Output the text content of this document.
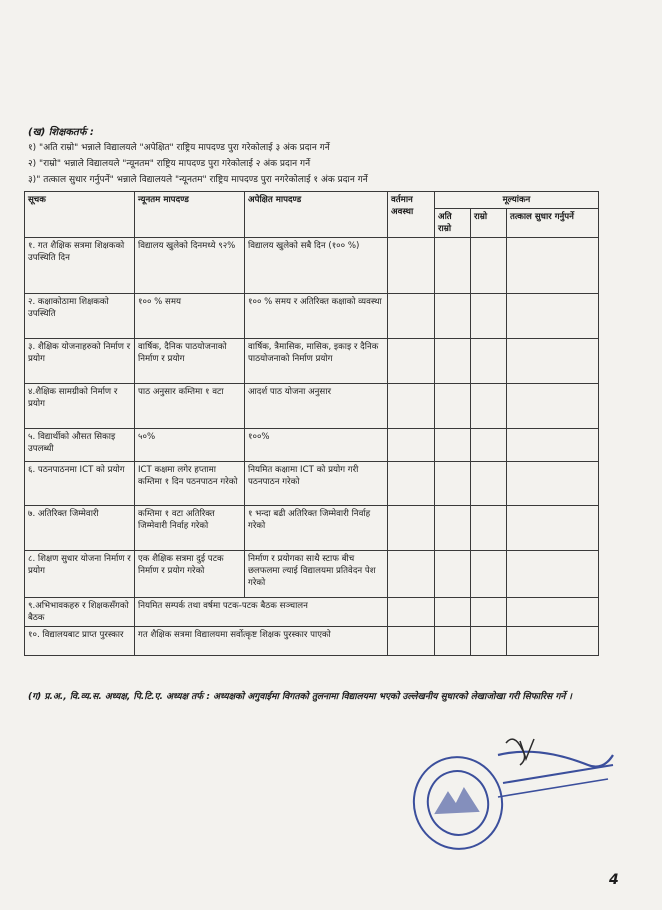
(ख) शिक्षकतर्फ :
१) "अति राम्रो" भन्नाले विद्यालयले "अपेक्षित" राष्ट्रिय मापदण्ड पुरा गरेकोलाई ३ अंक प्रदान गर्ने
२) "राम्रो" भन्नाले विद्यालयले "न्यूनतम" राष्ट्रिय मापदण्ड पुरा गरेकोलाई २ अंक प्रदान गर्ने
३)" तत्काल सुधार गर्नुपर्ने" भन्नाले विद्यालयले "न्यूनतम" राष्ट्रिय मापदण्ड पुरा नगरेकोलाई १ अंक प्रदान गर्ने
सूचक	न्यूनतम मापदण्ड	अपेक्षित मापदण्ड	वर्तमान अवस्था	मूल्यांकन		
				अति राम्रो	राम्रो	तत्काल सुधार गर्नुपर्ने
१. गत शैक्षिक सत्रमा शिक्षकको उपस्थिति दिन	विद्यालय खुलेको दिनमध्ये ९२%	विद्यालय खुलेको सबै दिन (१०० %)				
२. कक्षाकोठामा शिक्षकको उपस्थिति	१०० % समय	१०० % समय र अतिरिक्त कक्षाको व्यवस्था				
३. शैक्षिक योजनाहरुको निर्माण र प्रयोग	वार्षिक, दैनिक पाठयोजनाको निर्माण र प्रयोग	वार्षिक, त्रैमासिक, मासिक, इकाइ र दैनिक पाठयोजनाको निर्माण प्रयोग				
४.शैक्षिक सामग्रीको निर्माण र प्रयोग	पाठ अनुसार कम्तिमा १ वटा	आदर्श पाठ योजना अनुसार				
५. विद्यार्थीको औसत सिकाइ उपलब्धी	५०%	१००%				
६. पठनपाठनमा ICT को प्रयोग	ICT कक्षमा लगेर हप्तामा कम्तिमा १ दिन पठनपाठन गरेको	नियमित कक्षामा ICT को प्रयोग गरी पठनपाठन गरेको				
७. अतिरिक्त जिम्मेवारी	कम्तिमा १ वटा अतिरिक्त जिम्मेवारी निर्वाह गरेको	१ भन्दा बढी अतिरिक्त जिम्मेवारी निर्वाह गरेको				
८. शिक्षण सुधार योजना निर्माण र प्रयोग	एक शैक्षिक सत्रमा दुई पटक निर्माण र प्रयोग गरेको	निर्माण र प्रयोगका साथै स्टाफ बीच छलफलमा ल्याई विद्यालयमा प्रतिवेदन पेश गरेको				
९.अभिभावकहरु र शिक्षकसँगको बैठक	नियमित सम्पर्क तथा वर्षमा पटक-पटक बैठक सञ्चालन					
१०. विद्यालयबाट प्राप्त पुरस्कार	गत शैक्षिक सत्रमा विद्यालयमा सर्वोत्कृष्ट शिक्षक पुरस्कार पाएको					
(ग) प्र.अ., वि.व्य.स. अध्यक्ष, पि.टि.ए. अध्यक्ष तर्फ : अध्यक्षको अगुवाईमा विगतको तुलनामा विद्यालयमा भएको उल्लेखनीय सुधारको लेखाजोखा गरी सिफारिस गर्ने ।
4
